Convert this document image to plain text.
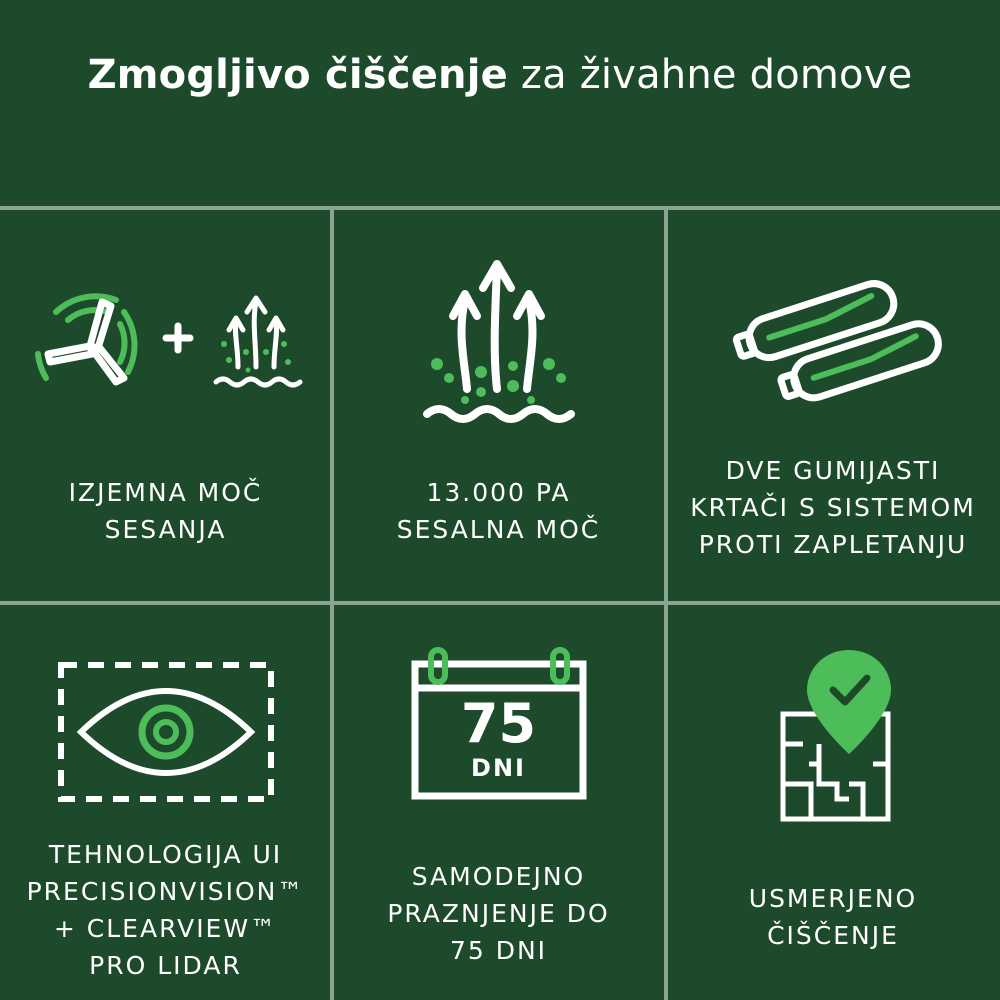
Zmogljivo čiščenje za živahne domove
IZJEMNA MOČ
SESANJA
13.000 PA
SESALNA MOČ
DVE GUMIJASTI
KRTAČI S SISTEMOM
PROTI ZAPLETANJU
TEHNOLOGIJA UI
PRECISIONVISION™
+ CLEARVIEW™
PRO LIDAR
75
DNI
SAMODEJNO
PRAZNJENJE DO
75 DNI
USMERJENO
ČIŠČENJE
